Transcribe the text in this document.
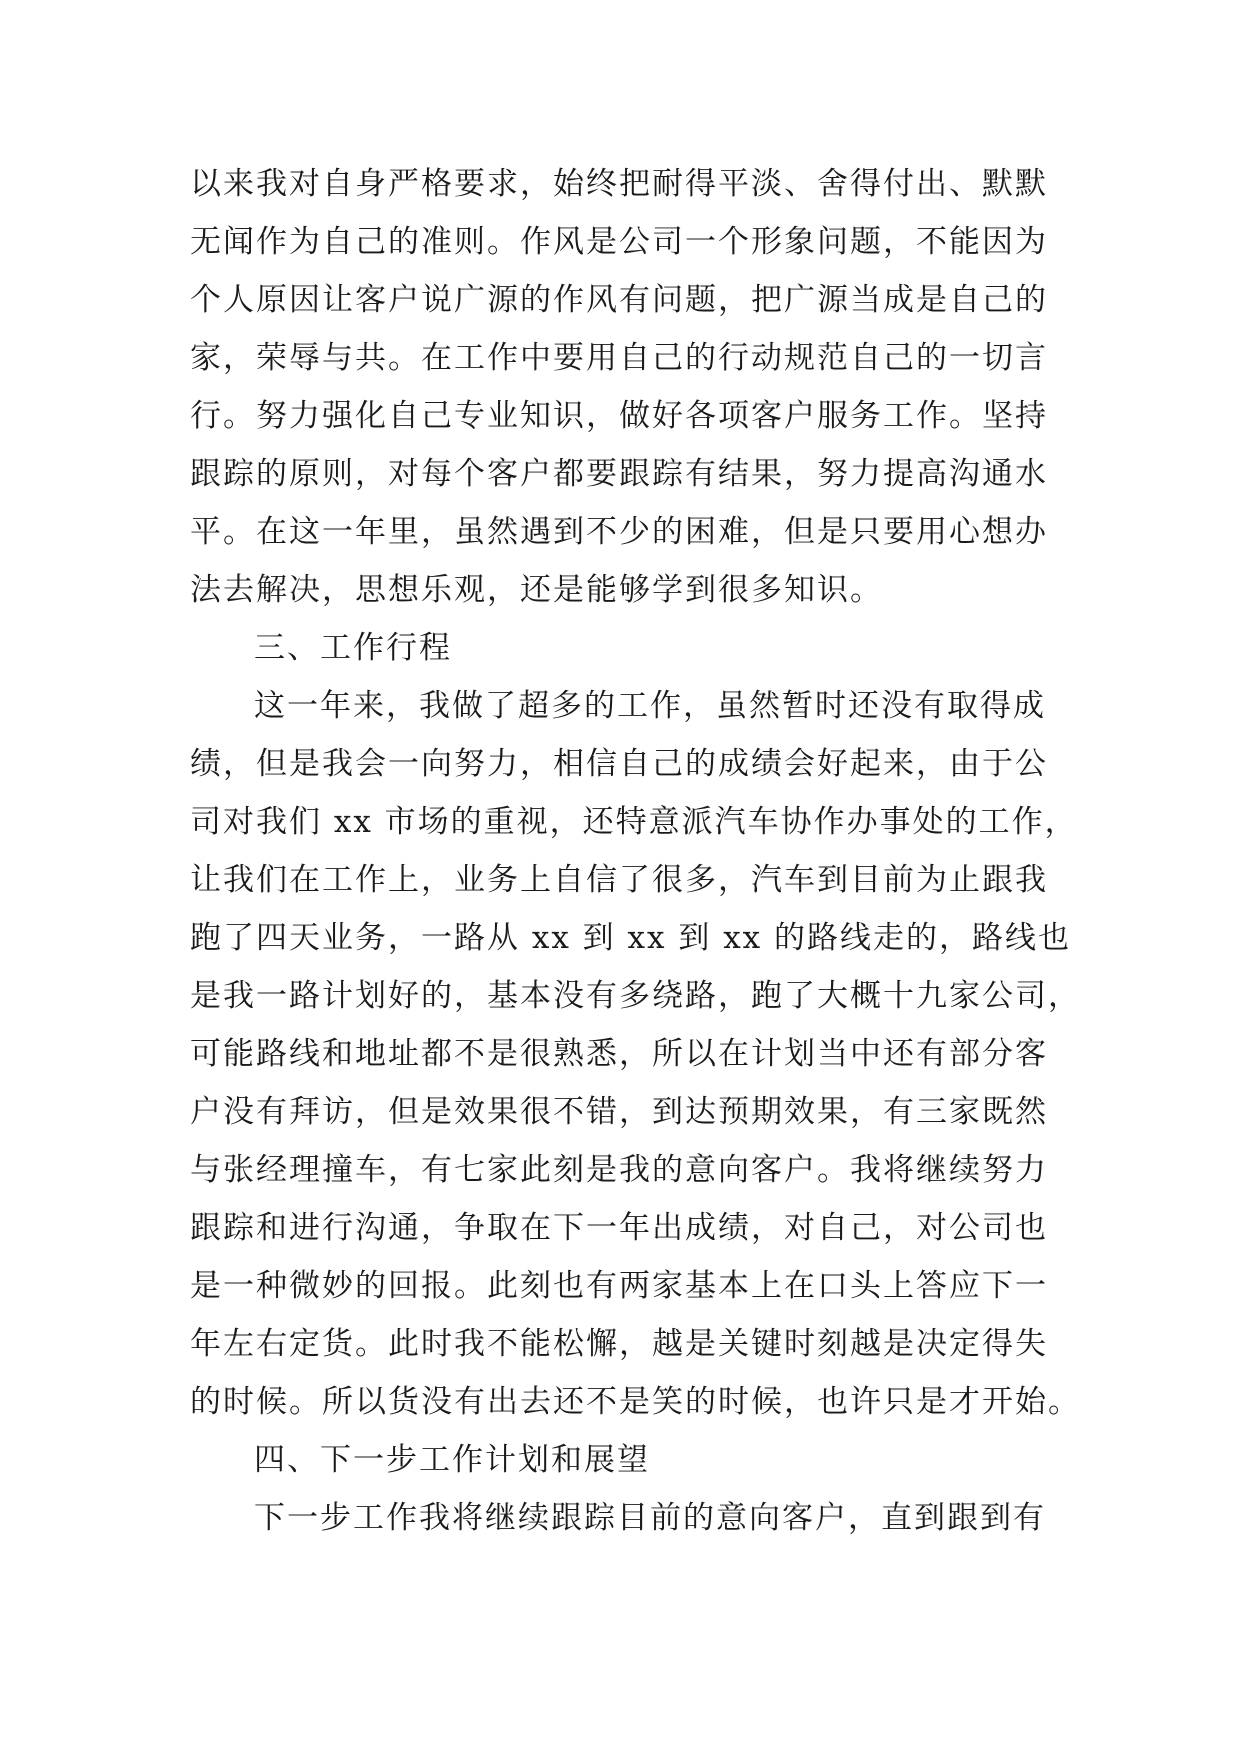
以来我对自身严格要求，始终把耐得平淡、舍得付出、默默
无闻作为自己的准则。作风是公司一个形象问题，不能因为
个人原因让客户说广源的作风有问题，把广源当成是自己的
家，荣辱与共。在工作中要用自己的行动规范自己的一切言
行。努力强化自己专业知识，做好各项客户服务工作。坚持
跟踪的原则，对每个客户都要跟踪有结果，努力提高沟通水
平。在这一年里，虽然遇到不少的困难，但是只要用心想办
法去解决，思想乐观，还是能够学到很多知识。
三、工作行程
这一年来，我做了超多的工作，虽然暂时还没有取得成
绩，但是我会一向努力，相信自己的成绩会好起来，由于公
司对我们 xx 市场的重视，还特意派汽车协作办事处的工作，
让我们在工作上，业务上自信了很多，汽车到目前为止跟我
跑了四天业务，一路从 xx 到 xx 到 xx 的路线走的，路线也
是我一路计划好的，基本没有多绕路，跑了大概十九家公司，
可能路线和地址都不是很熟悉，所以在计划当中还有部分客
户没有拜访，但是效果很不错，到达预期效果，有三家既然
与张经理撞车，有七家此刻是我的意向客户。我将继续努力
跟踪和进行沟通，争取在下一年出成绩，对自己，对公司也
是一种微妙的回报。此刻也有两家基本上在口头上答应下一
年左右定货。此时我不能松懈，越是关键时刻越是决定得失
的时候。所以货没有出去还不是笑的时候，也许只是才开始。
四、下一步工作计划和展望
下一步工作我将继续跟踪目前的意向客户，直到跟到有
